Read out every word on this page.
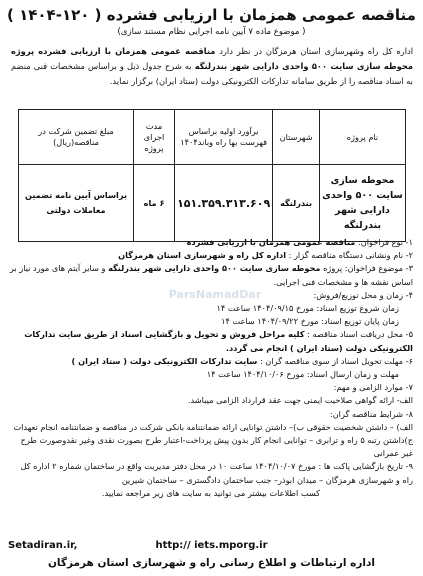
مناقصه عمومی همزمان با ارزیابی فشرده ( ۱۲۰-۱۴۰۴ )
( موضوع ماده ۷ آیین نامه اجرایی نظام مستند سازی)
اداره کل راه وشهرسازی استان هرمزگان در نظر دارد مناقصه عمومی همزمان با ارزیابی فشرده پروژه محوطه سازی سایت ۵۰۰ واحدی دارایی شهر بندرلنگه به شرح جدول ذیل و براساس مشخصات فنی منضم به اسناد مناقصه را از طریق سامانه تدارکات الکترونیکی دولت (ستاد ایران) برگزار نماید.
نام پروژه	شهرستان	برآورد اولیه براساس فهرست بها راه وباند۱۴۰۴	مدت اجرای پروژه	مبلغ تضمین شرکت در مناقصه(ریال)
محوطه سازی سایت ۵۰۰ واحدی دارایی شهر بندرلنگه	بندرلنگه	۱۵۱.۳۵۹.۳۱۳.۶۰۹	۶ ماه	براساس آیین نامه تضمین معاملات دولتی
ParsNamadDar
۱- نوع فراخوان: مناقصه عمومی همزمان با ارزیابی فشرده
۲- نام ونشانی دستگاه مناقصه گزار : اداره کل راه و شهرسازی استان هرمزگان
۳- موضوع فراخوان: پروژه محوطه سازی سایت ۵۰۰ واحدی دارایی شهر بندرلنگه و سایر آیتم های مورد نیاز بر اساس نقشه ها و مشخصات فنی اجرایی.
۴- زمان و محل توزیع/فروش:
زمان شروع توزیع اسناد: مورخ ۱۴۰۴/۰۹/۱۵ ساعت ۱۴
زمان پایان توزیع اسناد: مورخ ۱۴۰۴/۰۹/۲۲ ساعت ۱۴
۵- محل دریافت اسناد مناقصه : کلیه مراحل فروش و تحویل و بازگشایی اسناد از طریق سایت تدارکات الکترونیکی دولت (ستاد ایران ) انجام می گردد.
۶- مهلت تحویل اسناد از سوی مناقصه گران : سایت تدارکات الکترونیکی دولت ( ستاد ایران )
مهلت و زمان ارسال اسناد: مورخ ۱۴۰۴/۱۰/۰۶ ساعت ۱۴
۷- موارد الزامی و مهم:
الف- ارائه گواهی صلاحیت ایمنی جهت عقد قرارداد الزامی میباشد.
۸- شرایط مناقصه گران:
الف) – داشتن شخصیت حقوقی ب)– داشتن توانایی ارائه ضمانتنامه بانکی شرکت در مناقصه و ضمانتنامه انجام تعهدات ج)داشتن رتبه ۵ راه و ترابری – توانایی انجام کار بدون پیش پرداخت-اعتبار طرح بصورت نقدی وغیر نقدوصورت طرح غیر عمرانی
۹- تاریخ بازگشایی پاکت ها : مورخ ۱۴۰۴/۱۰/۰۷ ساعت ۱۰ در محل دفتر مدیریت واقع در ساختمان شماره ۲ اداره کل راه و شهرسازی هرمزگان – میدان ابوذر– جنب ساختمان دادگستری – ساختمان شیرین
کسب اطلاعات بیشتر می توانید به سایت های زیر مراجعه نمایید.
Setadiran.ir,	http:// iets.mporg.ir
اداره ارتباطات و اطلاع رسانی راه و شهرسازی استان هرمزگان
